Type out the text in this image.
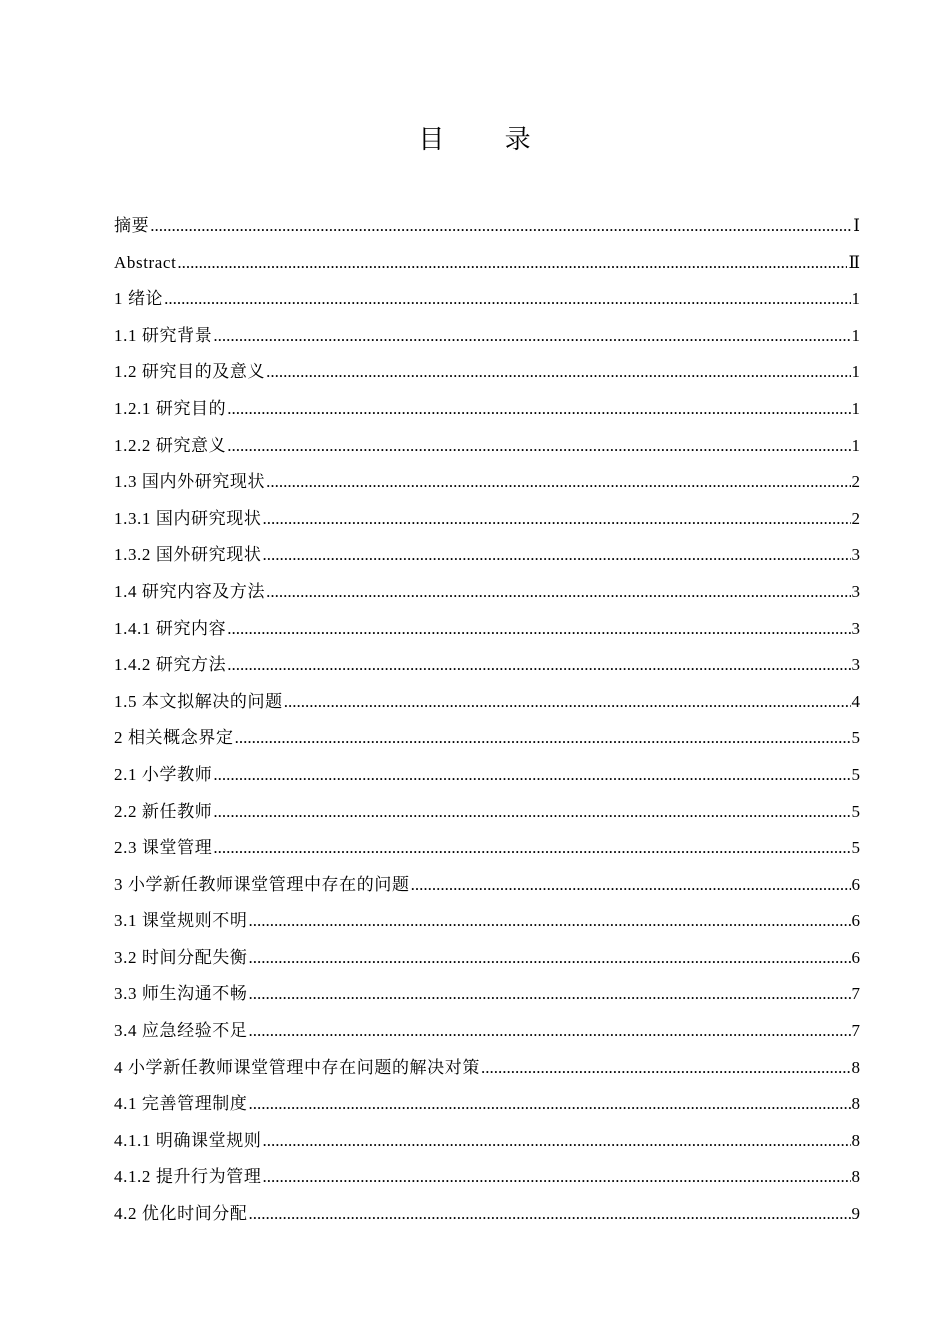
目 录
摘要 .....	Ⅰ
Abstract .....	Ⅱ
1 绪论 .....	1
1.1 研究背景 .....	1
1.2 研究目的及意义 .....	1
1.2.1 研究目的 .....	1
1.2.2 研究意义 .....	1
1.3 国内外研究现状 .....	2
1.3.1 国内研究现状 .....	2
1.3.2 国外研究现状 .....	3
1.4 研究内容及方法 .....	3
1.4.1 研究内容 .....	3
1.4.2 研究方法 .....	3
1.5 本文拟解决的问题 .....	4
2 相关概念界定 .....	5
2.1 小学教师 .....	5
2.2 新任教师 .....	5
2.3 课堂管理 .....	5
3 小学新任教师课堂管理中存在的问题 .....	6
3.1 课堂规则不明 .....	6
3.2 时间分配失衡 .....	6
3.3 师生沟通不畅 .....	7
3.4 应急经验不足 .....	7
4 小学新任教师课堂管理中存在问题的解决对策 .....	8
4.1 完善管理制度 .....	8
4.1.1 明确课堂规则 .....	8
4.1.2 提升行为管理 .....	8
4.2 优化时间分配 .....	9
